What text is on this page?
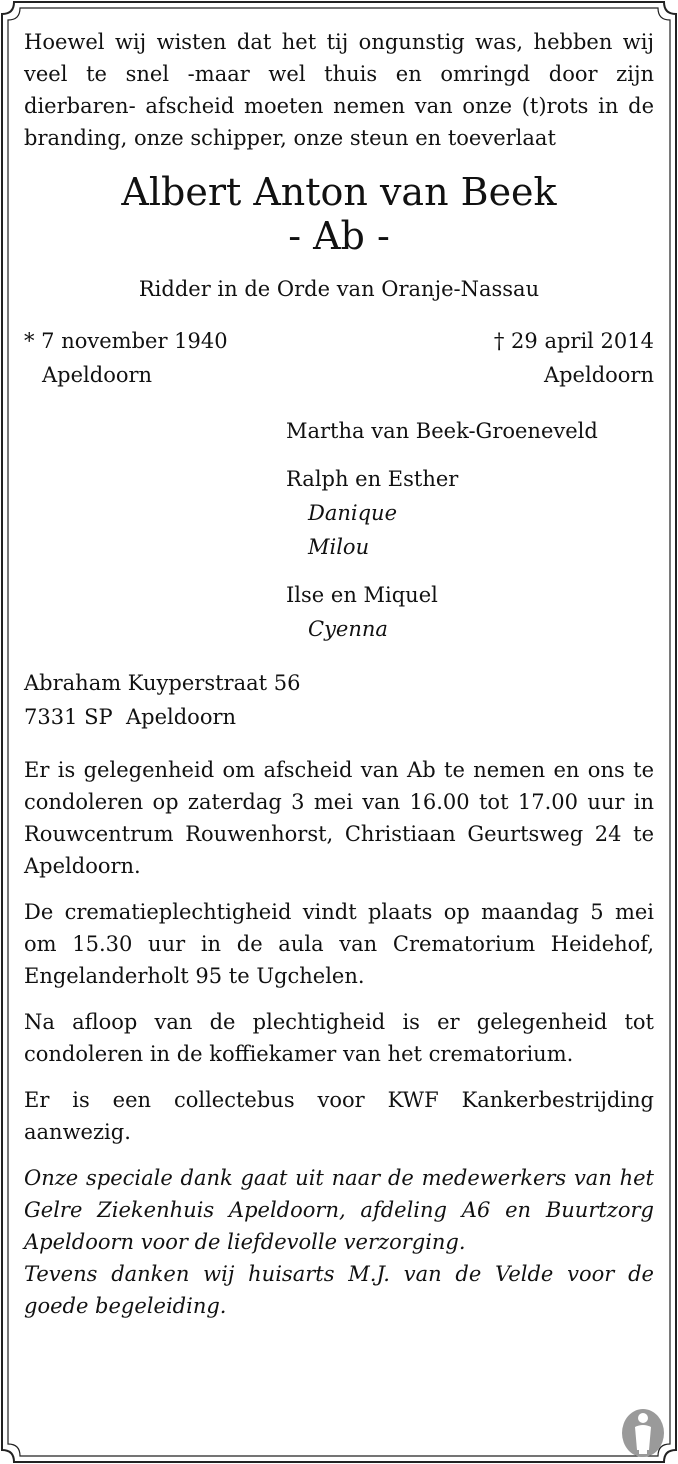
Hoewel wij wisten dat het tij ongunstig was, hebben wij veel te snel -maar wel thuis en omringd door zijn dierbaren- afscheid moeten nemen van onze (t)rots in de branding, onze schipper, onze steun en toeverlaat

Albert Anton van Beek
- Ab -
Ridder in de Orde van Oranje-Nassau
* 7 november 1940
Apeldoorn
† 29 april 2014
Apeldoorn
Martha van Beek-Groeneveld
Ralph en Esther
Danique
Milou
Ilse en Miquel
Cyenna
Abraham Kuyperstraat 56
7331 SP  Apeldoorn

Er is gelegenheid om afscheid van Ab te nemen en ons te condoleren op zaterdag 3 mei van 16.00 tot 17.00 uur in Rouwcentrum Rouwenhorst, Christiaan Geurtsweg 24 te Apeldoorn.

De crematieplechtigheid vindt plaats op maandag 5 mei om 15.30 uur in de aula van Crematorium Heidehof, Engelanderholt 95 te Ugchelen.

Na afloop van de plechtigheid is er gelegenheid tot condoleren in de koffiekamer van het crematorium.

Er is een collectebus voor KWF Kankerbestrijding aanwezig.

Onze speciale dank gaat uit naar de medewerkers van het Gelre Ziekenhuis Apeldoorn, afdeling A6 en Buurtzorg Apeldoorn voor de liefdevolle verzorging.

Tevens danken wij huisarts M.J. van de Velde voor de goede begeleiding.
